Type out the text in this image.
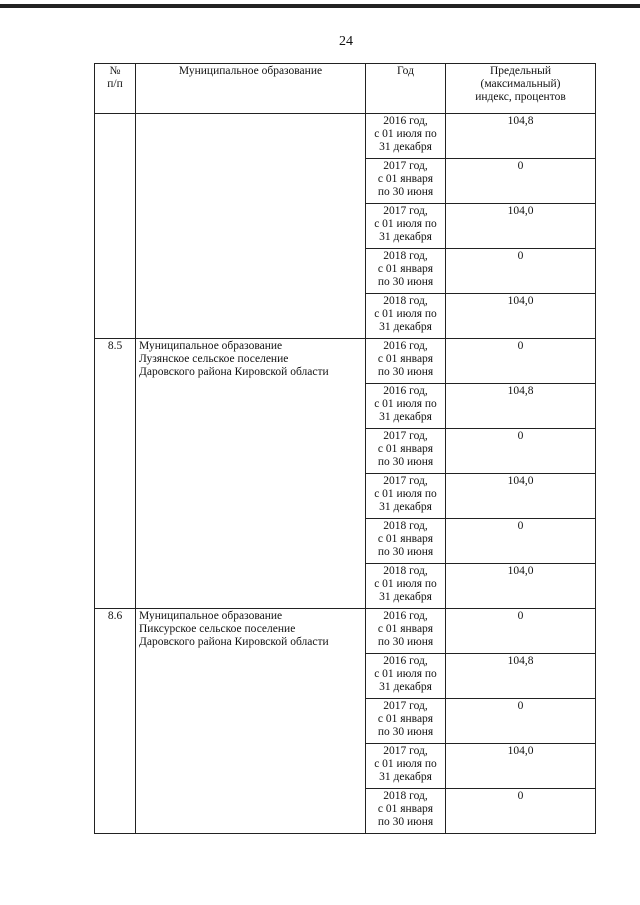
24
№
п/п	Муниципальное образование	Год	Предельный
(максимальный)
индекс, процентов

		2016 год,
с 01 июля по
31 декабря	104,8

		2017 год,
с 01 января
по 30 июня	0

		2017 год,
с 01 июля по
31 декабря	104,0

		2018 год,
с 01 января
по 30 июня	0

		2018 год,
с 01 июля по
31 декабря	104,0
8.5	Муниципальное образование
Лузянское сельское поселение
Даровского района Кировской области	2016 год,
с 01 января
по 30 июня	0

		2016 год,
с 01 июля по
31 декабря	104,8

		2017 год,
с 01 января
по 30 июня	0

		2017 год,
с 01 июля по
31 декабря	104,0

		2018 год,
с 01 января
по 30 июня	0

		2018 год,
с 01 июля по
31 декабря	104,0
8.6	Муниципальное образование
Пиксурское сельское поселение
Даровского района Кировской области	2016 год,
с 01 января
по 30 июня	0

		2016 год,
с 01 июля по
31 декабря	104,8

		2017 год,
с 01 января
по 30 июня	0

		2017 год,
с 01 июля по
31 декабря	104,0

		2018 год,
с 01 января
по 30 июня	0
